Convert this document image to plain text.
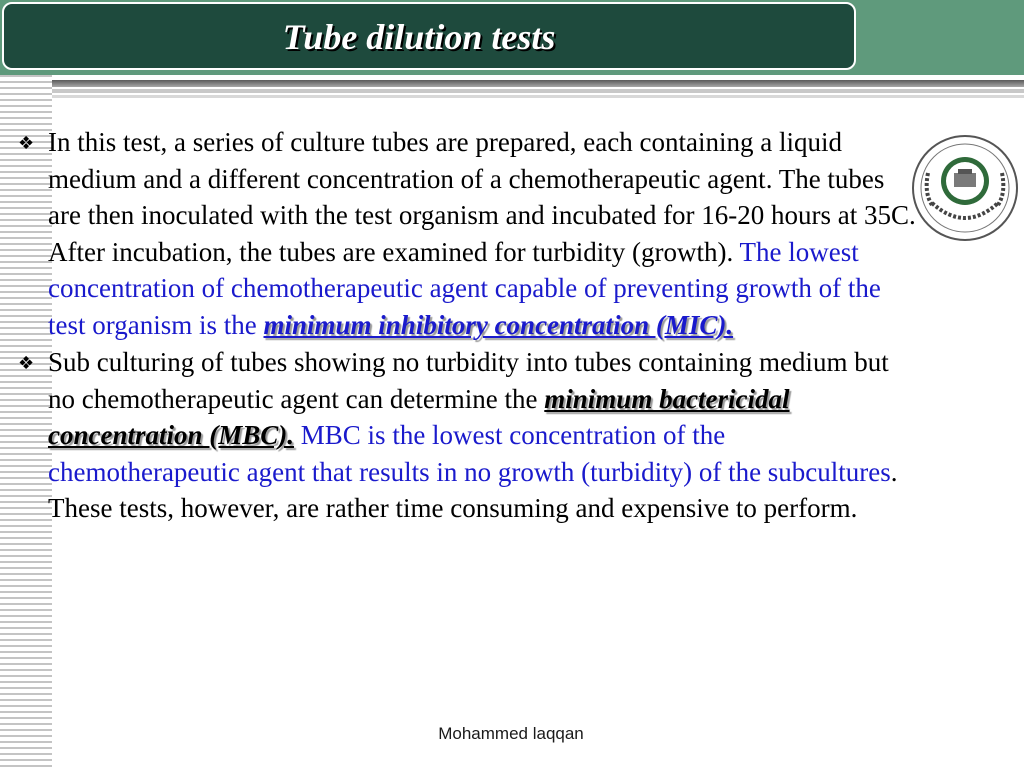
Tube dilution tests

❖ In this test, a series of culture tubes are prepared, each containing a liquid medium and a different concentration of a chemotherapeutic agent. The tubes are then inoculated with the test organism and incubated for 16-20 hours at 35C. After incubation, the tubes are examined for turbidity (growth). The lowest concentration of chemotherapeutic agent capable of preventing growth of the test organism is the minimum inhibitory concentration (MIC).

❖ Sub culturing of tubes showing no turbidity into tubes containing medium but no chemotherapeutic agent can determine the minimum bactericidal concentration (MBC). MBC is the lowest concentration of the chemotherapeutic agent that results in no growth (turbidity) of the subcultures. These tests, however, are rather time consuming and expensive to perform.

Mohammed laqqan
